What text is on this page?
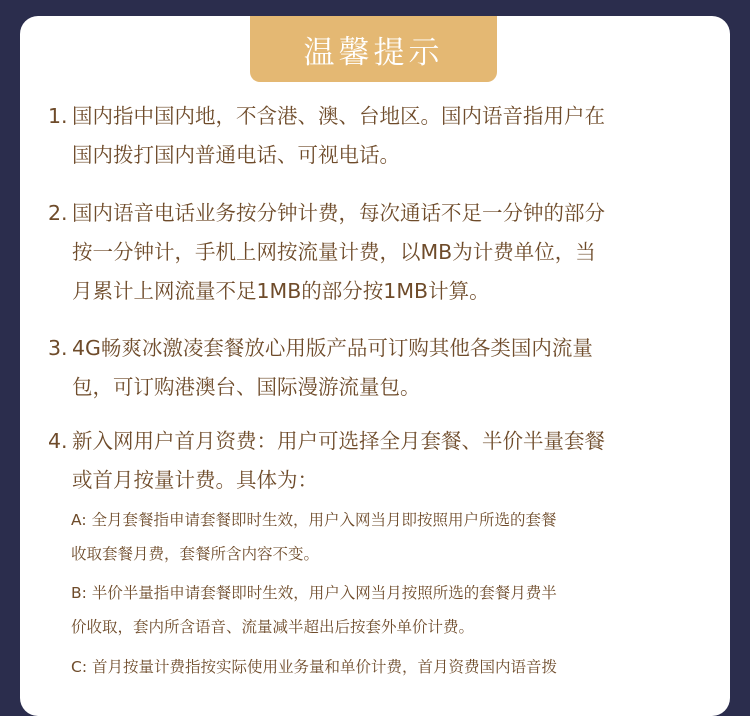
温馨提示
1. 国内指中国内地，不含港、澳、台地区。国内语音指用户在
国内拨打国内普通电话、可视电话。
2. 国内语音电话业务按分钟计费，每次通话不足一分钟的部分
按一分钟计，手机上网按流量计费，以MB为计费单位，当
月累计上网流量不足1MB的部分按1MB计算。
3. 4G畅爽冰激凌套餐放心用版产品可订购其他各类国内流量
包，可订购港澳台、国际漫游流量包。
4. 新入网用户首月资费：用户可选择全月套餐、半价半量套餐
或首月按量计费。具体为：
A: 全月套餐指申请套餐即时生效，用户入网当月即按照用户所选的套餐
收取套餐月费，套餐所含内容不变。
B: 半价半量指申请套餐即时生效，用户入网当月按照所选的套餐月费半
价收取，套内所含语音、流量减半超出后按套外单价计费。
C: 首月按量计费指按实际使用业务量和单价计费，首月资费国内语音拨
